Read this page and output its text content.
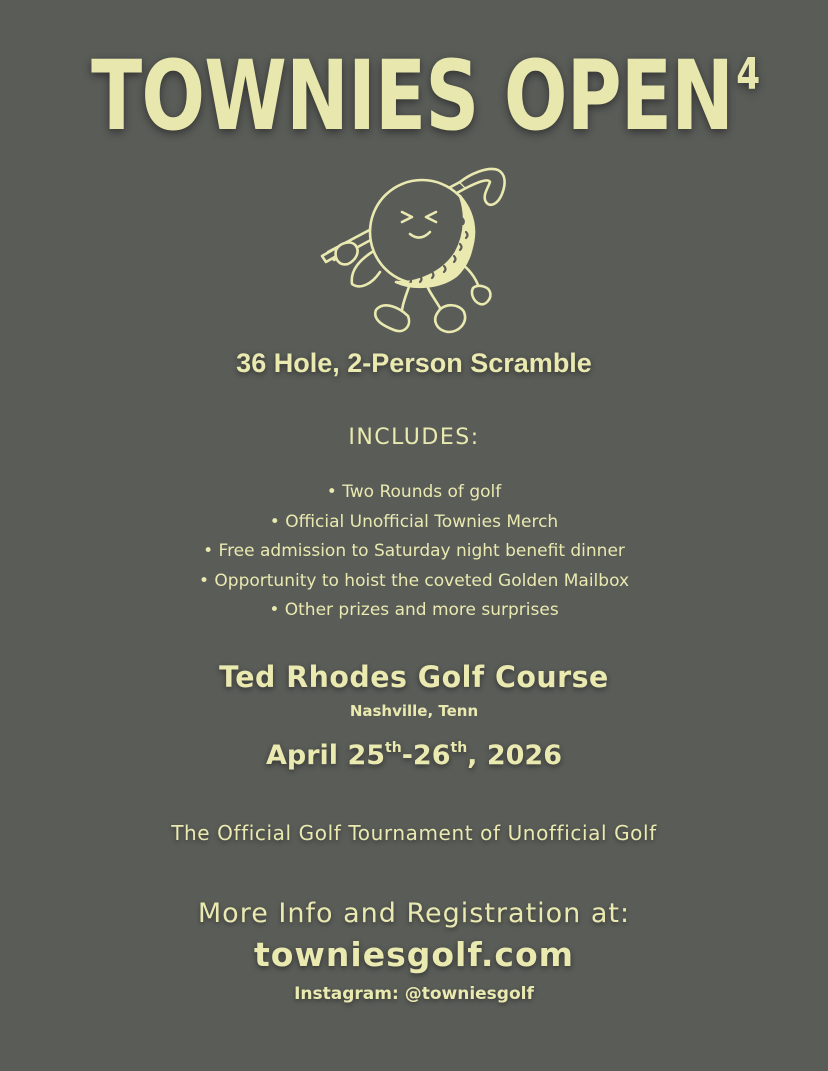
TOWNIES OPEN$^4$
36 Hole, 2-Person Scramble
INCLUDES:
• Two Rounds of golf
• Official Unofficial Townies Merch
• Free admission to Saturday night benefit dinner
• Opportunity to hoist the coveted Golden Mailbox
• Other prizes and more surprises
Ted Rhodes Golf Course
Nashville, Tenn
April 25th-26th, 2026
The Official Golf Tournament of Unofficial Golf
More Info and Registration at:
towniesgolf.com
Instagram: @towniesgolf
